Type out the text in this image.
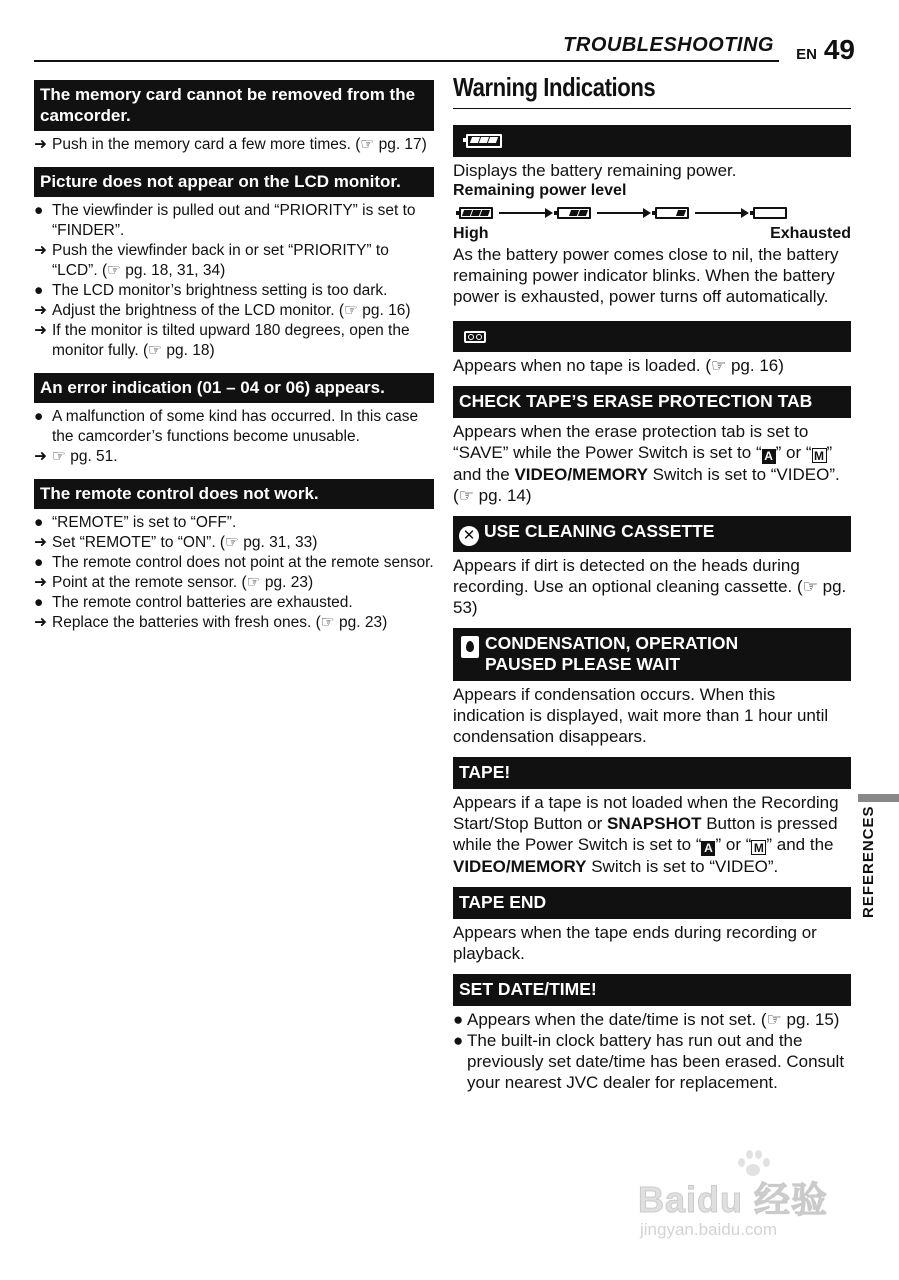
TROUBLESHOOTING EN 49
The memory card cannot be removed from the camcorder.
➜ Push in the memory card a few more times. (☞ pg. 17)
Picture does not appear on the LCD monitor.
● The viewfinder is pulled out and “PRIORITY” is set to “FINDER”.
➜ Push the viewfinder back in or set “PRIORITY” to “LCD”. (☞ pg. 18, 31, 34)
● The LCD monitor’s brightness setting is too dark.
➜ Adjust the brightness of the LCD monitor. (☞ pg. 16)
➜ If the monitor is tilted upward 180 degrees, open the monitor fully. (☞ pg. 18)
An error indication (01 – 04 or 06) appears.
● A malfunction of some kind has occurred. In this case the camcorder’s functions become unusable.
➜ ☞ pg. 51.
The remote control does not work.
● “REMOTE” is set to “OFF”.
➜ Set “REMOTE” to “ON”. (☞ pg. 31, 33)
● The remote control does not point at the remote sensor.
➜ Point at the remote sensor. (☞ pg. 23)
● The remote control batteries are exhausted.
➜ Replace the batteries with fresh ones. (☞ pg. 23)
Warning Indications
Displays the battery remaining power.
Remaining power level
High	Exhausted
As the battery power comes close to nil, the battery remaining power indicator blinks. When the battery power is exhausted, power turns off automatically.
Appears when no tape is loaded. (☞ pg. 16)
CHECK TAPE’S ERASE PROTECTION TAB
Appears when the erase protection tab is set to “SAVE” while the Power Switch is set to “ A ” or “ M ” and the VIDEO/MEMORY Switch is set to “VIDEO”. (☞ pg. 14)
✕ USE CLEANING CASSETTE
Appears if dirt is detected on the heads during recording. Use an optional cleaning cassette. (☞ pg. 53)
CONDENSATION, OPERATION
PAUSED PLEASE WAIT
Appears if condensation occurs. When this indication is displayed, wait more than 1 hour until condensation disappears.
TAPE!
Appears if a tape is not loaded when the Recording Start/Stop Button or SNAPSHOT Button is pressed while the Power Switch is set to “ A ” or “ M ” and the VIDEO/MEMORY Switch is set to “VIDEO”.
TAPE END
Appears when the tape ends during recording or playback.
SET DATE/TIME!
● Appears when the date/time is not set. (☞ pg. 15)
● The built-in clock battery has run out and the previously set date/time has been erased. Consult your nearest JVC dealer for replacement.
REFERENCES
Baidu 经验
jingyan.baidu.com
